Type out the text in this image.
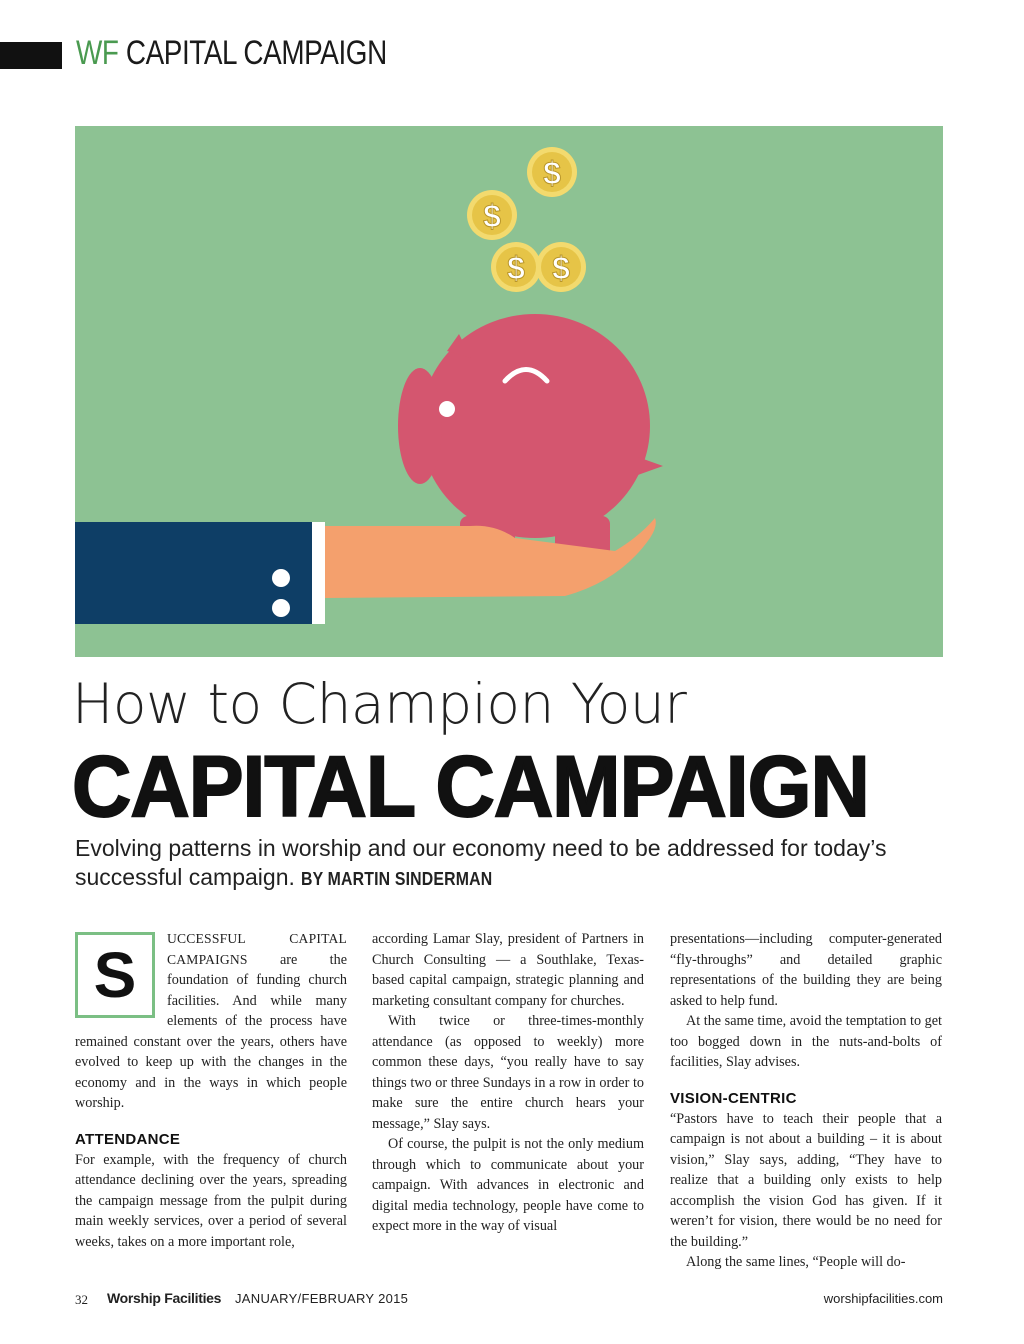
WF CAPITAL CAMPAIGN
$
$
$
$
How to Champion Your
CAPITAL CAMPAIGN
Evolving patterns in worship and our economy need to be addressed for today’s successful campaign. BY MARTIN SINDERMAN
S

UCCESSFUL CAPITAL CAMPAIGNS are the foundation of funding church facilities. And while many elements of the process have remained constant over the years, others have evolved to keep up with the changes in the economy and in the ways in which people worship.

ATTENDANCE

For example, with the frequency of church attendance declining over the years, spreading the campaign message from the pulpit during main weekly services, over a period of several weeks, takes on a more important role,

according Lamar Slay, president of Partners in Church Consulting — a Southlake, Texas-based capital campaign, strategic planning and marketing consultant company for churches.

With twice or three-times-monthly attendance (as opposed to weekly) more common these days, “you really have to say things two or three Sundays in a row in order to make sure the entire church hears your message,” Slay says.

Of course, the pulpit is not the only medium through which to communicate about your campaign. With advances in electronic and digital media technology, people have come to expect more in the way of visual

presentations—including computer-generated “fly-throughs” and detailed graphic representations of the building they are being asked to help fund.

At the same time, avoid the temptation to get too bogged down in the nuts-and-bolts of facilities, Slay advises.

VISION-CENTRIC

“Pastors have to teach their people that a campaign is not about a building – it is about vision,” Slay says, adding, “They have to realize that a building only exists to help accomplish the vision God has given. If it weren’t for vision, there would be no need for the building.”

Along the same lines, “People will do-

32 Worship Facilities JANUARY/FEBRUARY 2015	worshipfacilities.com
